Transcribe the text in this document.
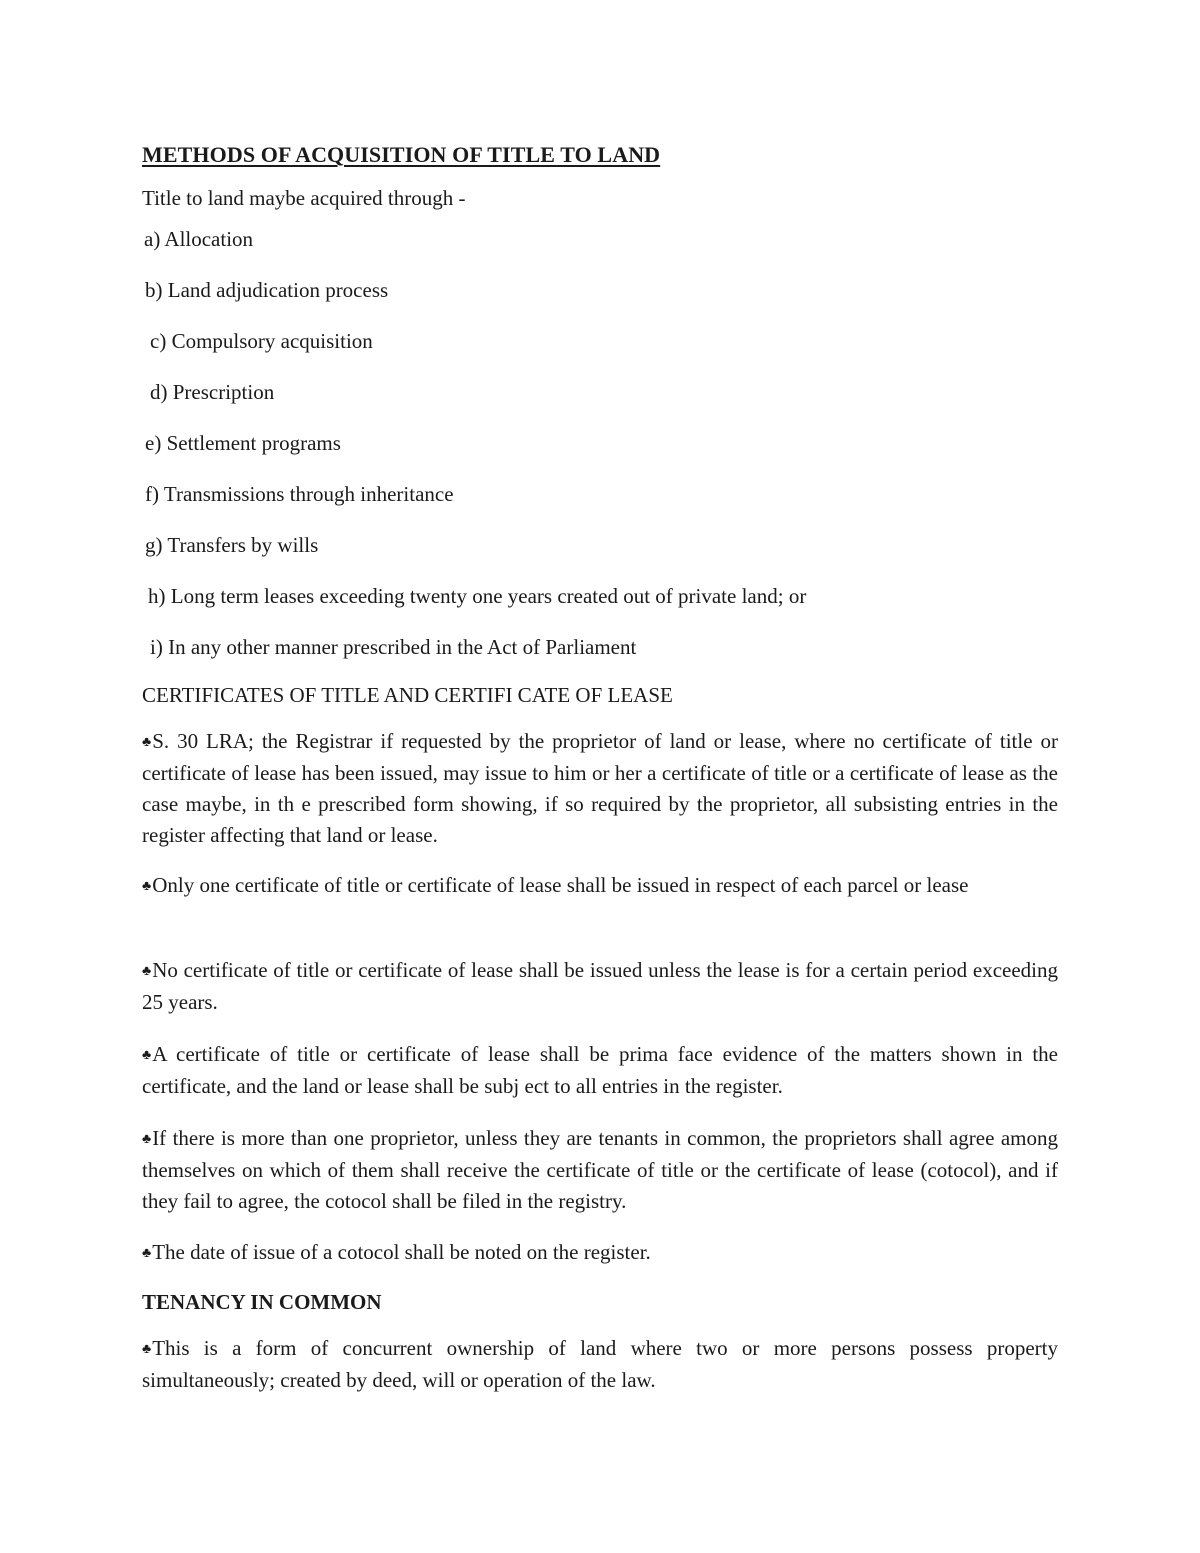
METHODS OF ACQUISITION OF TITLE TO LAND

Title to land maybe acquired through -

a) Allocation

b) Land adjudication process

c) Compulsory acquisition

d) Prescription

e) Settlement programs

f) Transmissions through inheritance

g) Transfers by wills

h) Long term leases exceeding twenty one years created out of private land; or

i) In any other manner prescribed in the Act of Parliament

CERTIFICATES OF TITLE AND CERTIFI CATE OF LEASE

♣S. 30 LRA; the Registrar if requested by the proprietor of land or lease, where no certificate of title or certificate of lease has been issued, may issue to him or her a certificate of title or a certificate of lease as the case maybe, in th e prescribed form showing, if so required by the proprietor, all subsisting entries in the register affecting that land or lease.

♣Only one certificate of title or certificate of lease shall be issued in respect of each parcel or lease

♣No certificate of title or certificate of lease shall be issued unless the lease is for a certain period exceeding 25 years.

♣A certificate of title or certificate of lease shall be prima face evidence of the matters shown in the certificate, and the land or lease shall be subj ect to all entries in the register.

♣If there is more than one proprietor, unless they are tenants in common, the proprietors shall agree among themselves on which of them shall receive the certificate of title or the certificate of lease (cotocol), and if they fail to agree, the cotocol shall be filed in the registry.

♣The date of issue of a cotocol shall be noted on the register.

TENANCY IN COMMON

♣This is a form of concurrent ownership of land where two or more persons possess property simultaneously; created by deed, will or operation of the law.
